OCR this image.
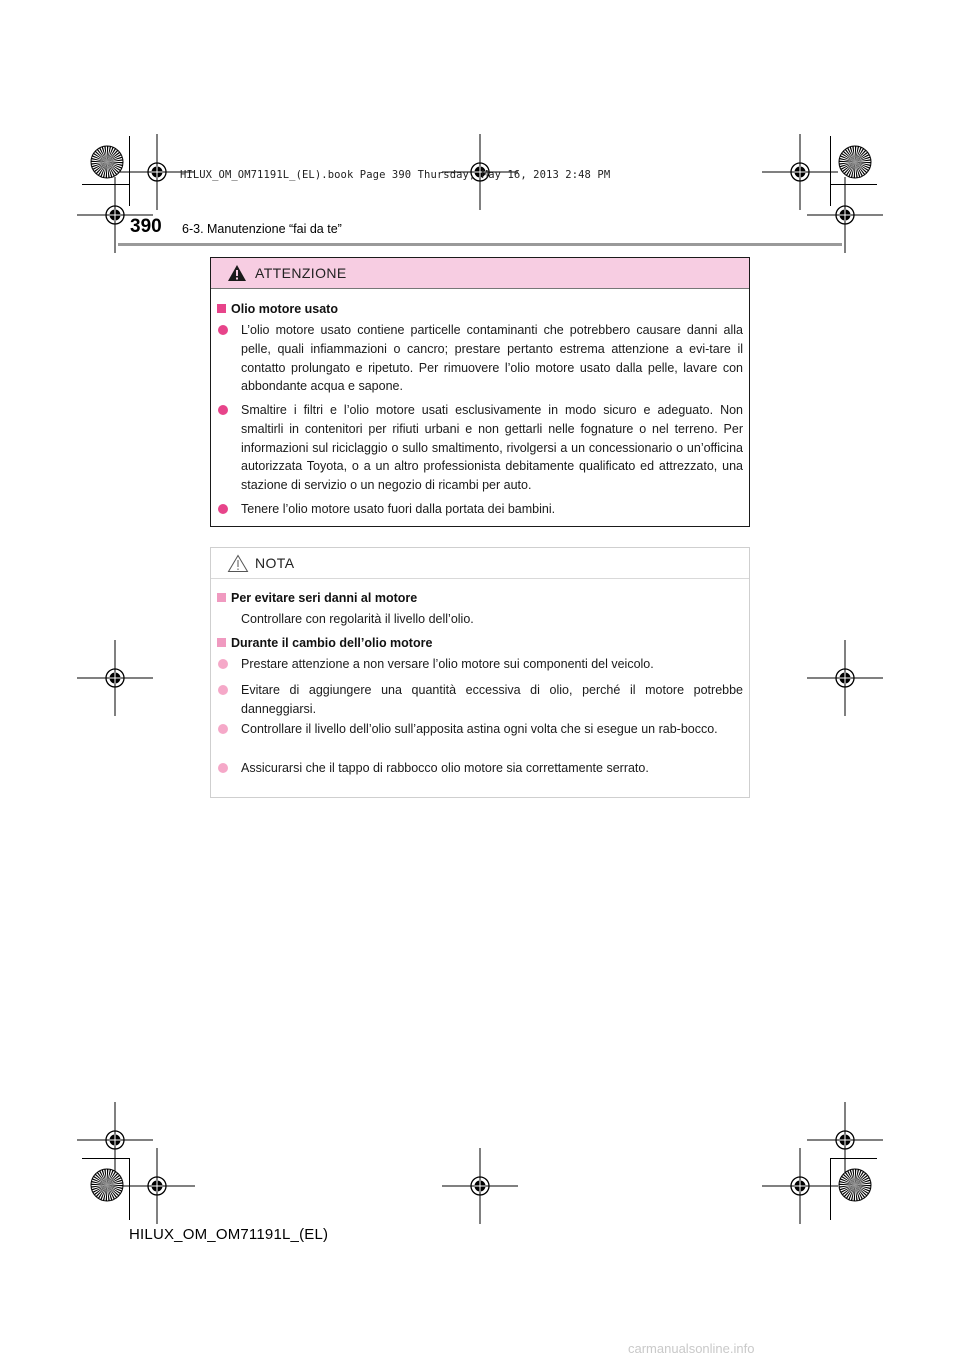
HILUX_OM_OM71191L_(EL).book Page 390 Thursday, May 16, 2013 2:48 PM
390 6-3. Manutenzione “fai da te”
ATTENZIONE
Olio motore usato
L’olio motore usato contiene particelle contaminanti che potrebbero causare danni alla pelle, quali infiammazioni o cancro; prestare pertanto estrema attenzione a evi-tare il contatto prolungato e ripetuto. Per rimuovere l’olio motore usato dalla pelle, lavare con abbondante acqua e sapone.
Smaltire i filtri e l’olio motore usati esclusivamente in modo sicuro e adeguato. Non smaltirli in contenitori per rifiuti urbani e non gettarli nelle fognature o nel terreno. Per informazioni sul riciclaggio o sullo smaltimento, rivolgersi a un concessionario o un’officina autorizzata Toyota, o a un altro professionista debitamente qualificato ed attrezzato, una stazione di servizio o un negozio di ricambi per auto.
Tenere l’olio motore usato fuori dalla portata dei bambini.
NOTA
Per evitare seri danni al motore
Controllare con regolarità il livello dell’olio.
Durante il cambio dell’olio motore
Prestare attenzione a non versare l’olio motore sui componenti del veicolo.
Evitare di aggiungere una quantità eccessiva di olio, perché il motore potrebbe danneggiarsi.
Controllare il livello dell’olio sull’apposita astina ogni volta che si esegue un rab-bocco.
Assicurarsi che il tappo di rabbocco olio motore sia correttamente serrato.
HILUX_OM_OM71191L_(EL)
carmanualsonline.info
